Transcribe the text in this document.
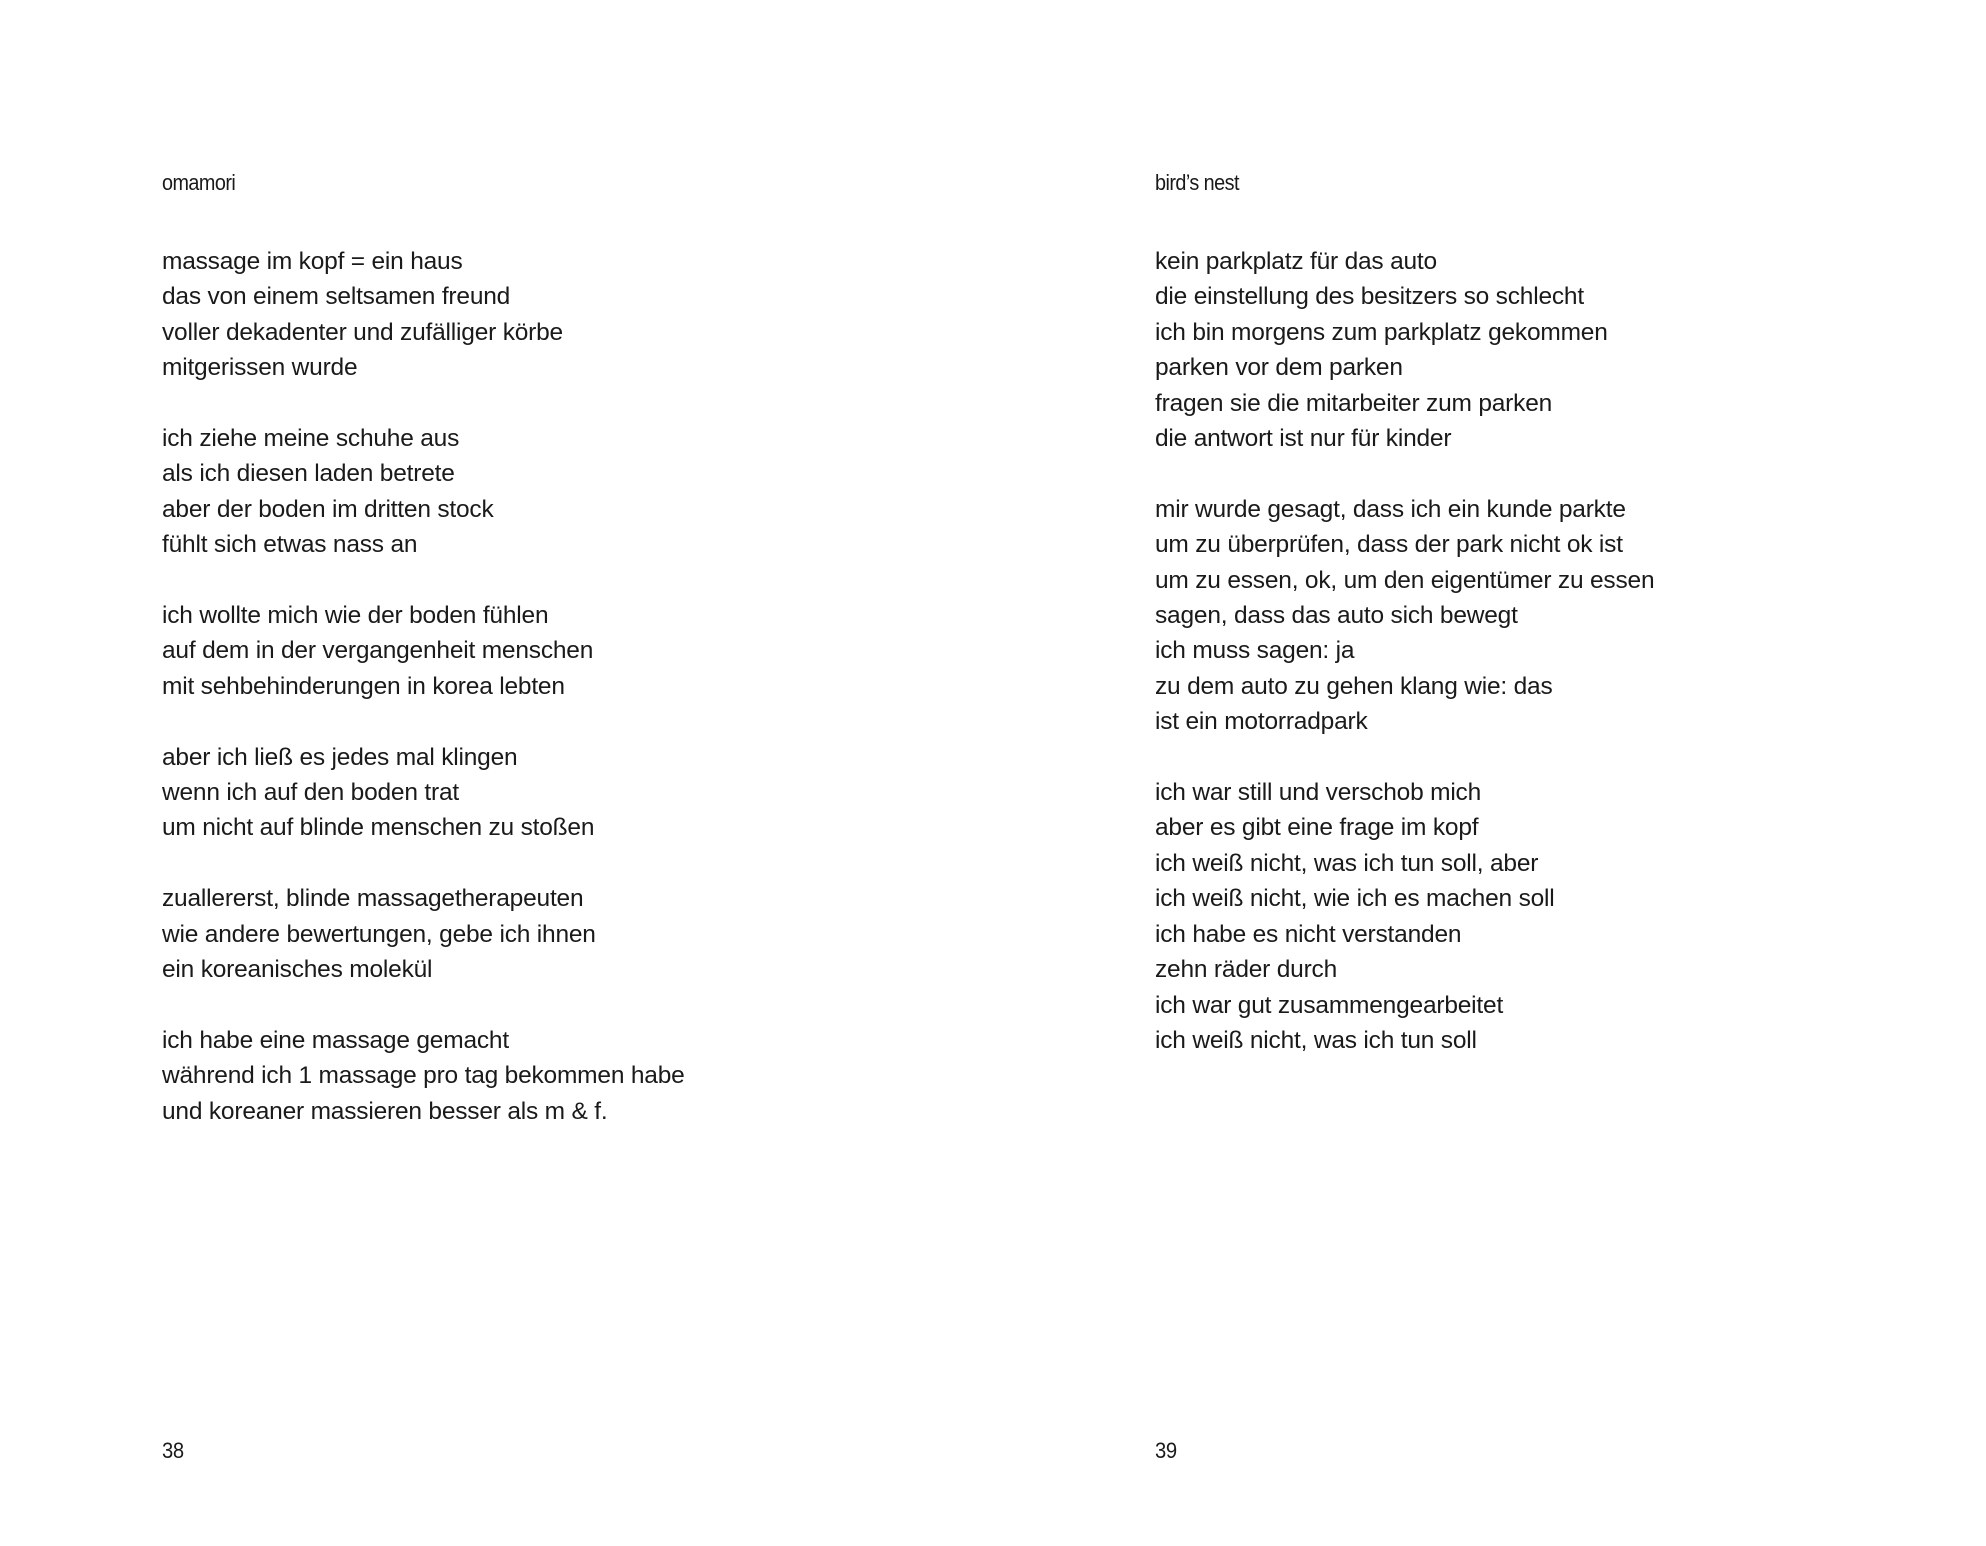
omamori

massage im kopf = ein haus
das von einem seltsamen freund
voller dekadenter und zufälliger körbe
mitgerissen wurde

ich ziehe meine schuhe aus
als ich diesen laden betrete
aber der boden im dritten stock
fühlt sich etwas nass an

ich wollte mich wie der boden fühlen
auf dem in der vergangenheit menschen
mit sehbehinderungen in korea lebten

aber ich ließ es jedes mal klingen
wenn ich auf den boden trat
um nicht auf blinde menschen zu stoßen

zuallererst, blinde massagetherapeuten
wie andere bewertungen, gebe ich ihnen
ein koreanisches molekül

ich habe eine massage gemacht
während ich 1 massage pro tag bekommen habe
und koreaner massieren besser als m & f.

38
bird’s nest

kein parkplatz für das auto
die einstellung des besitzers so schlecht
ich bin morgens zum parkplatz gekommen
parken vor dem parken
fragen sie die mitarbeiter zum parken
die antwort ist nur für kinder

mir wurde gesagt, dass ich ein kunde parkte
um zu überprüfen, dass der park nicht ok ist
um zu essen, ok, um den eigentümer zu essen
sagen, dass das auto sich bewegt
ich muss sagen: ja
zu dem auto zu gehen klang wie: das
ist ein motorradpark

ich war still und verschob mich
aber es gibt eine frage im kopf
ich weiß nicht, was ich tun soll, aber
ich weiß nicht, wie ich es machen soll
ich habe es nicht verstanden
zehn räder durch
ich war gut zusammengearbeitet
ich weiß nicht, was ich tun soll

39
